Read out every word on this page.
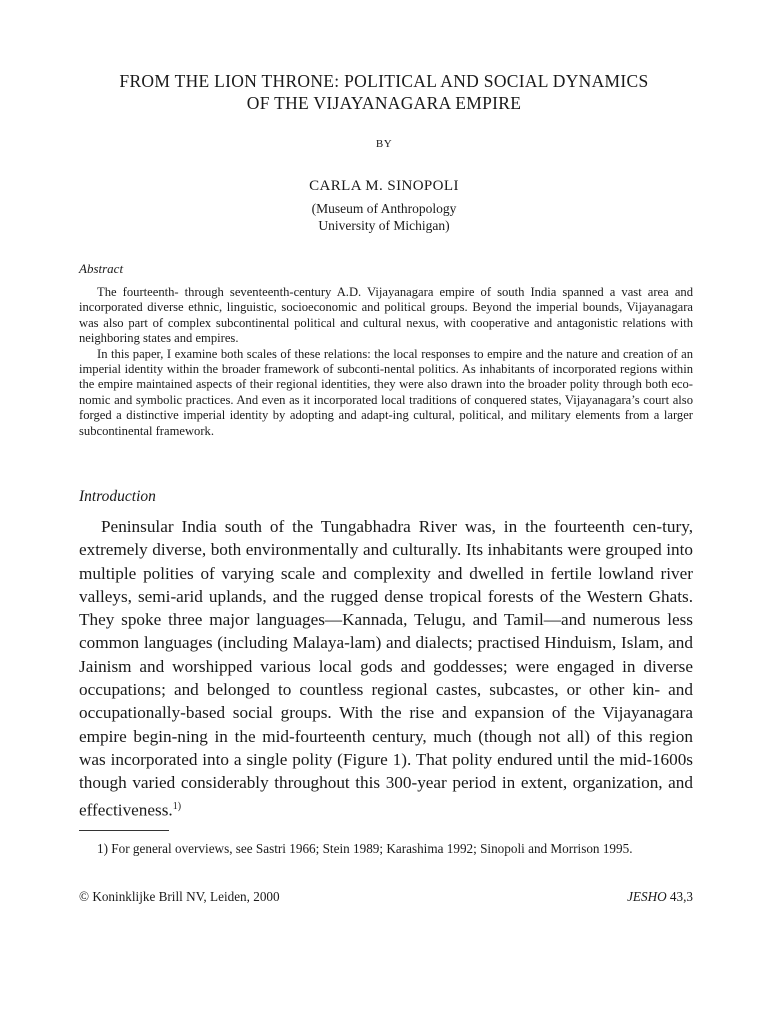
FROM THE LION THRONE: POLITICAL AND SOCIAL DYNAMICS
OF THE VIJAYANAGARA EMPIRE
BY
CARLA M. SINOPOLI
(Museum of Anthropology
University of Michigan)
Abstract

The fourteenth- through seventeenth-century A.D. Vijayanagara empire of south India spanned a vast area and incorporated diverse ethnic, linguistic, socioeconomic and political groups. Beyond the imperial bounds, Vijayanagara was also part of complex subcontinental political and cultural nexus, with cooperative and antagonistic relations with neighboring states and empires.

In this paper, I examine both scales of these relations: the local responses to empire and the nature and creation of an imperial identity within the broader framework of subconti-nental politics. As inhabitants of incorporated regions within the empire maintained aspects of their regional identities, they were also drawn into the broader polity through both eco-nomic and symbolic practices. And even as it incorporated local traditions of conquered states, Vijayanagara’s court also forged a distinctive imperial identity by adopting and adapt-ing cultural, political, and military elements from a larger subcontinental framework.

Introduction

Peninsular India south of the Tungabhadra River was, in the fourteenth cen-tury, extremely diverse, both environmentally and culturally. Its inhabitants were grouped into multiple polities of varying scale and complexity and dwelled in fertile lowland river valleys, semi-arid uplands, and the rugged dense tropical forests of the Western Ghats. They spoke three major languages—Kannada, Telugu, and Tamil—and numerous less common languages (including Malaya-lam) and dialects; practised Hinduism, Islam, and Jainism and worshipped various local gods and goddesses; were engaged in diverse occupations; and belonged to countless regional castes, subcastes, or other kin- and occupationally-based social groups. With the rise and expansion of the Vijayanagara empire begin-ning in the mid-fourteenth century, much (though not all) of this region was incorporated into a single polity (Figure 1). That polity endured until the mid-1600s though varied considerably throughout this 300-year period in extent, organization, and effectiveness.$^{1)}$

1) For general overviews, see Sastri 1966; Stein 1989; Karashima 1992; Sinopoli and Morrison 1995.

© Koninklijke Brill NV, Leiden, 2000	JESHO 43,3
